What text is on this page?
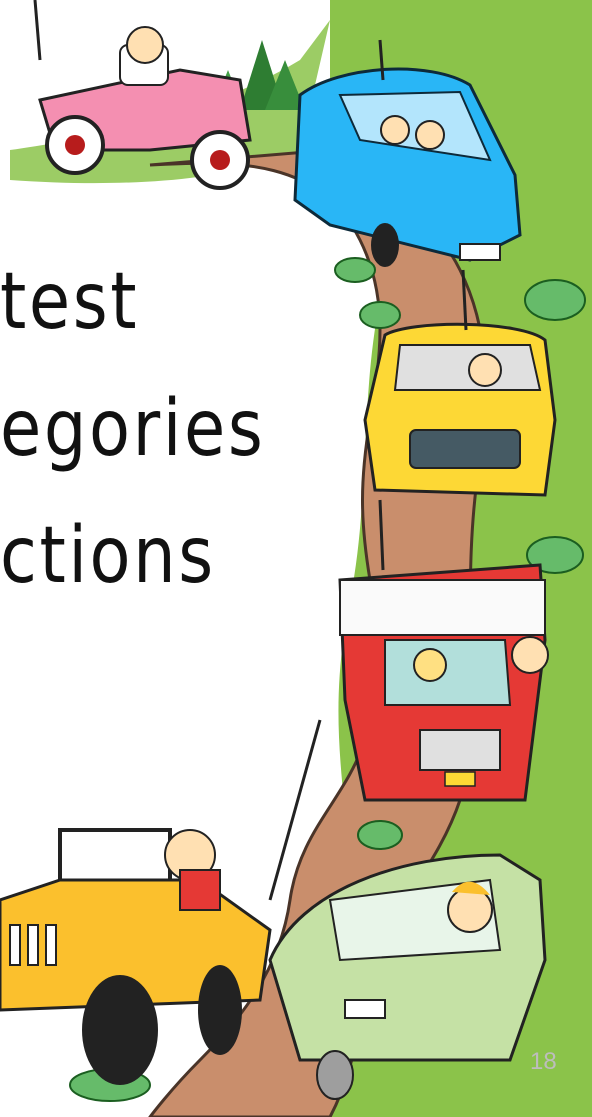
test
egories
ctions
18
